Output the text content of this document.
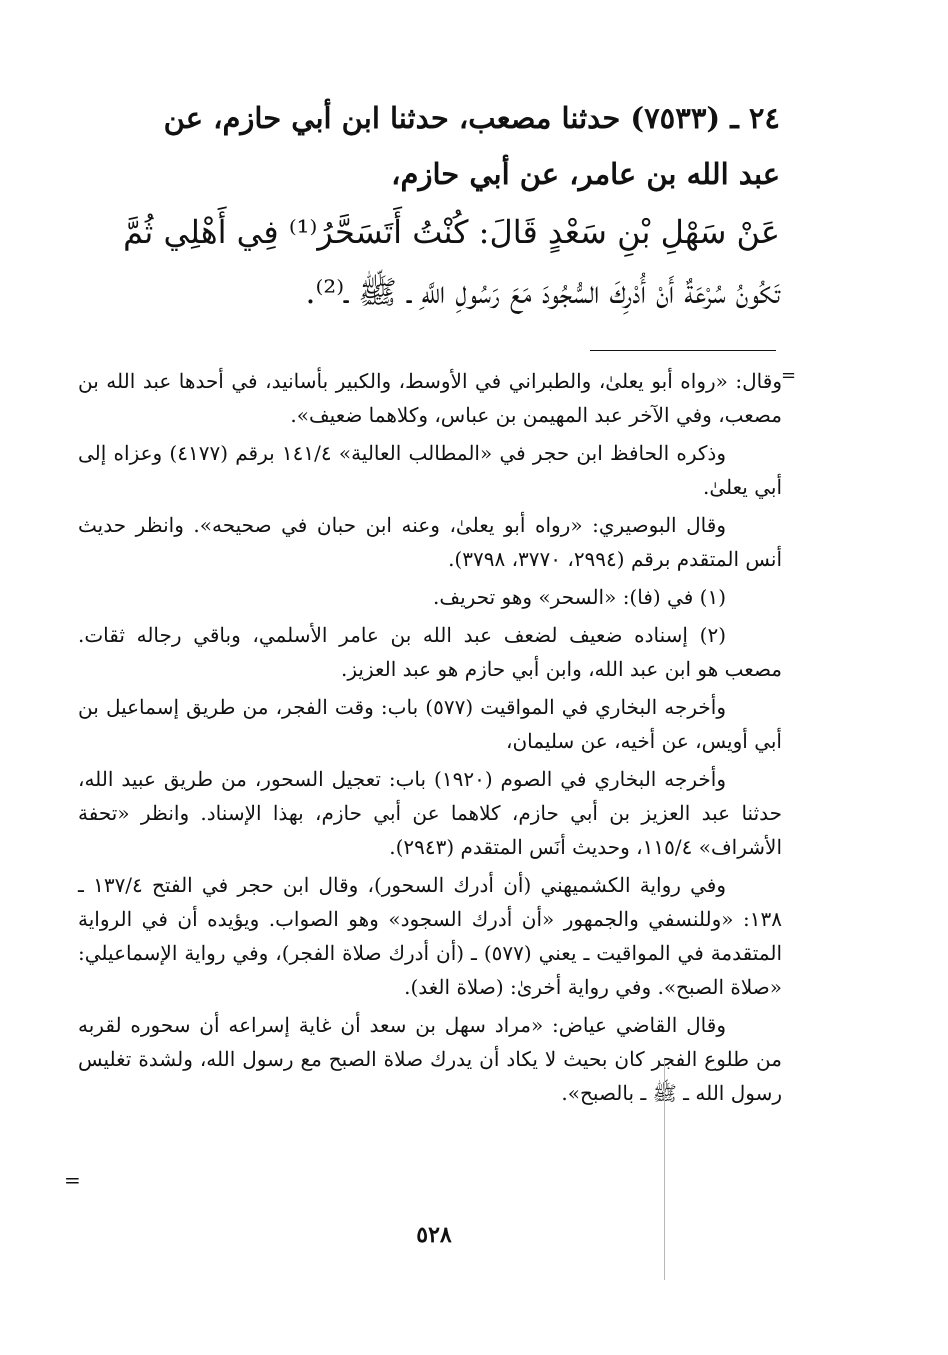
٢٤ ـ (٧٥٣٣) حدثنا مصعب، حدثنا ابن أبي حازم، عن

عبد الله بن عامر، عن أبي حازم،

عَنْ سَهْلِ بْنِ سَعْدٍ قَالَ: كُنْتُ أَتَسَحَّرُ⁽¹⁾ فِي أَهْلِي ثُمَّ

تَكُونُ سُرْعَةٌ أَنْ أُدْرِكَ السُّجُودَ مَعَ رَسُولِ اللَّهِ ـ ﷺ ـ⁽²⁾.

=

وقال: «رواه أبو يعلىٰ، والطبراني في الأوسط، والكبير بأسانيد، في أحدها عبد الله بن مصعب، وفي الآخر عبد المهيمن بن عباس، وكلاهما ضعيف».

وذكره الحافظ ابن حجر في «المطالب العالية» ١٤١/٤ برقم (٤١٧٧) وعزاه إلى أبي يعلىٰ.

وقال البوصيري: «رواه أبو يعلىٰ، وعنه ابن حبان في صحيحه». وانظر حديث أنس المتقدم برقم (٢٩٩٤، ٣٧٧٠، ٣٧٩٨).

(١) في (فا): «السحر» وهو تحريف.

(٢) إسناده ضعيف لضعف عبد الله بن عامر الأسلمي، وباقي رجاله ثقات. مصعب هو ابن عبد الله، وابن أبي حازم هو عبد العزيز.

وأخرجه البخاري في المواقيت (٥٧٧) باب: وقت الفجر، من طريق إسماعيل بن أبي أويس، عن أخيه، عن سليمان،

وأخرجه البخاري في الصوم (١٩٢٠) باب: تعجيل السحور، من طريق عبيد الله، حدثنا عبد العزيز بن أبي حازم، كلاهما عن أبي حازم، بهذا الإسناد. وانظر «تحفة الأشراف» ١١٥/٤، وحديث أنَس المتقدم (٢٩٤٣).

وفي رواية الكشميهني (أن أدرك السحور)، وقال ابن حجر في الفتح ١٣٧/٤ ـ ١٣٨: «وللنسفي والجمهور «أن أدرك السجود» وهو الصواب. ويؤيده أن في الرواية المتقدمة في المواقيت ـ يعني (٥٧٧) ـ (أن أدرك صلاة الفجر)، وفي رواية الإسماعيلي: «صلاة الصبح». وفي رواية أخرىٰ: (صلاة الغد).

وقال القاضي عياض: «مراد سهل بن سعد أن غاية إسراعه أن سحوره لقربه من طلوع الفجر كان بحيث لا يكاد أن يدرك صلاة الصبح مع رسول الله، ولشدة تغليس رسول الله ـ ﷺ ـ بالصبح».

=
٥٢٨
